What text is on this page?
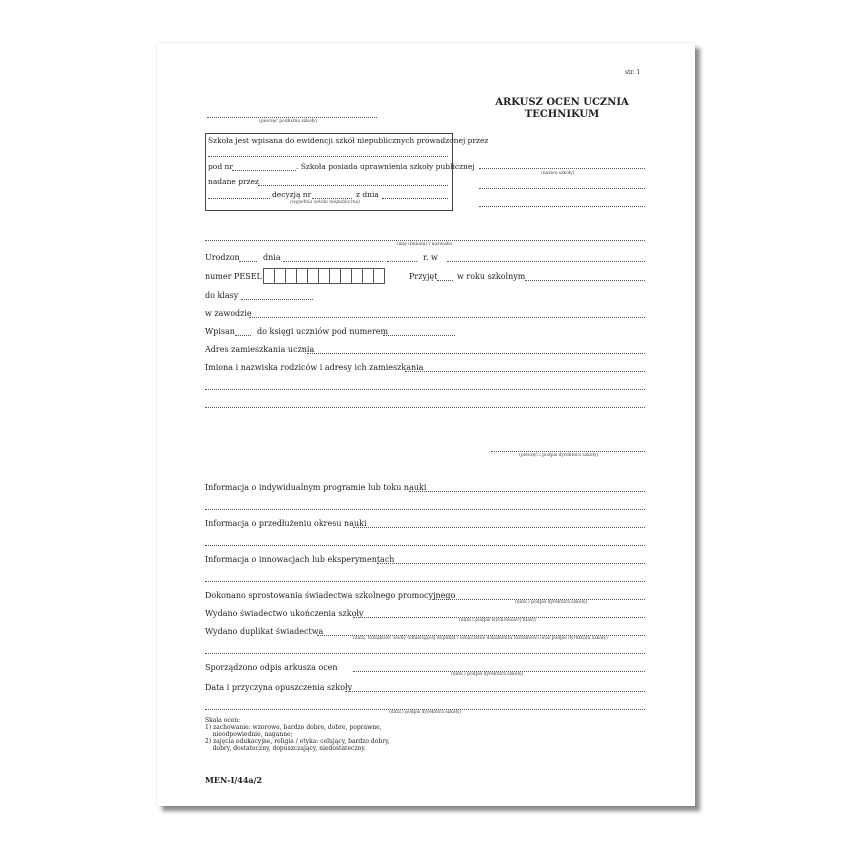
str. 1
ARKUSZ OCEN UCZNIA
TECHNIKUM
(pieczęć podłużna szkoły)
Szkoła jest wpisana do ewidencji szkół niepublicznych prowadzonej przez
pod nr	. Szkoła posiada uprawnienia szkoły publicznej
nadane przez
decyzją nr	z dnia
(wypełnia szkoła niepubliczna)
(nazwa szkoły)
imię (imiona) i nazwisko
Urodzon	dnia	r. w
numer PESEL	Przyjęt w roku szkolnym
do klasy
w zawodzie
Wpisan	do księgi uczniów pod numerem
Adres zamieszkania ucznia
Imiona i nazwiska rodziców i adresy ich zamieszkania
(pieczęć i podpis dyrektora szkoły)
Informacja o indywidualnym programie lub toku nauki
Informacja o przedłużeniu okresu nauki
Informacja o innowacjach lub eksperymentach
Dokonano sprostowania świadectwa szkolnego promocyjnego
(data i podpis dyrektora szkoły)
Wydano świadectwo ukończenia szkoły
(data i podpis wychowawcy klasy)
Wydano duplikat świadectwa
(data, tożsamość osoby odbierającej duplikat i oznaczenie dokumentu tożsamości oraz podpis dyrektora szkoły)
Sporządzono odpis arkusza ocen
(data i podpis dyrektora szkoły)
Data i przyczyna opuszczenia szkoły
(data i podpis dyrektora szkoły)
Skala ocen:
1) zachowanie: wzorowe, bardzo dobre, dobre, poprawne,
nieodpowiednie, naganne;
2) zajęcia edukacyjne, religia / etyka: celujący, bardzo dobry,
dobry, dostateczny, dopuszczający, niedostateczny.
MEN-I/44a/2
